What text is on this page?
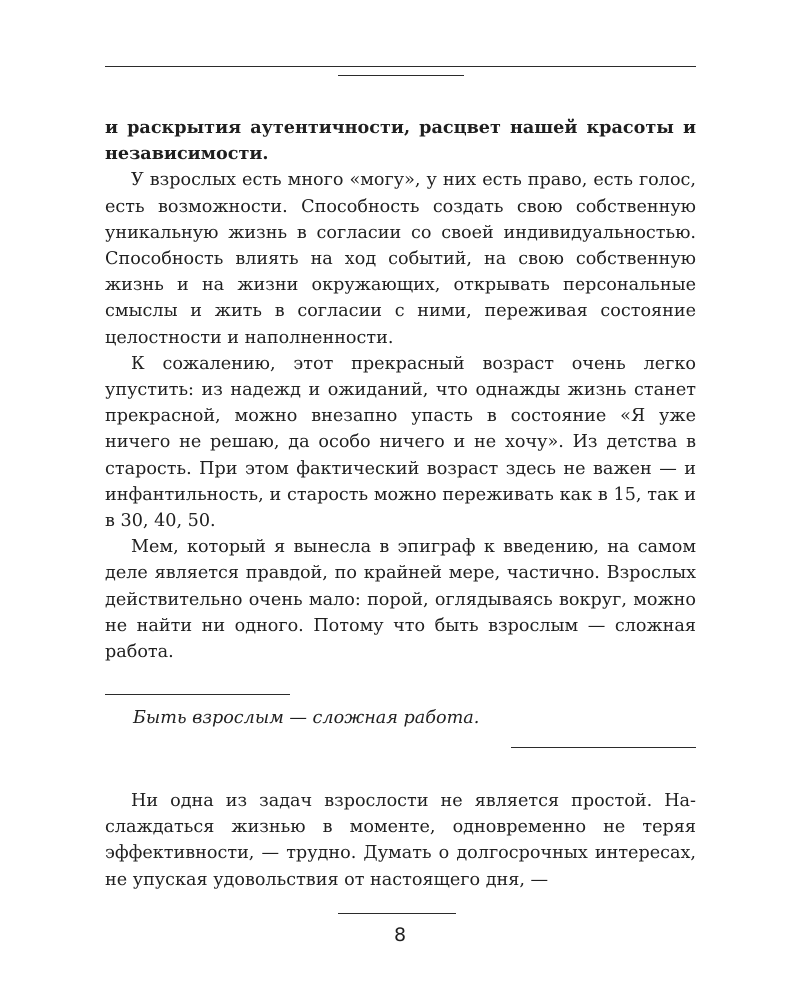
и раскрытия аутентичности, расцвет нашей красоты и независимости.

У взрослых есть много «могу», у них есть право, есть голос, есть возможности. Способность создать свою собственную уникальную жизнь в согласии со своей индивидуальностью. Способность влиять на ход событий, на свою собственную жизнь и на жизни окружающих, открывать персональные смыслы и жить в согласии с ними, переживая состояние целостности и наполненности.

К сожалению, этот прекрасный возраст очень легко упустить: из надежд и ожиданий, что однажды жизнь станет прекрасной, можно внезапно упасть в состояние «Я уже ничего не решаю, да особо ничего и не хочу». Из детства в старость. При этом фактический возраст здесь не важен — и инфантильность, и старость можно переживать как в 15, так и в 30, 40, 50.

Мем, который я вынесла в эпиграф к введению, на самом деле является правдой, по крайней мере, частично. Взрослых действительно очень мало: порой, оглядываясь вокруг, можно не найти ни одного. Потому что быть взрослым — сложная работа.

Быть взрослым — сложная работа.

Ни одна из задач взрослости не является простой. Наслаждаться жизнью в моменте, одновременно не теряя эффективности, — трудно. Думать о долгосрочных интересах, не упуская удовольствия от настоящего дня, —

8
